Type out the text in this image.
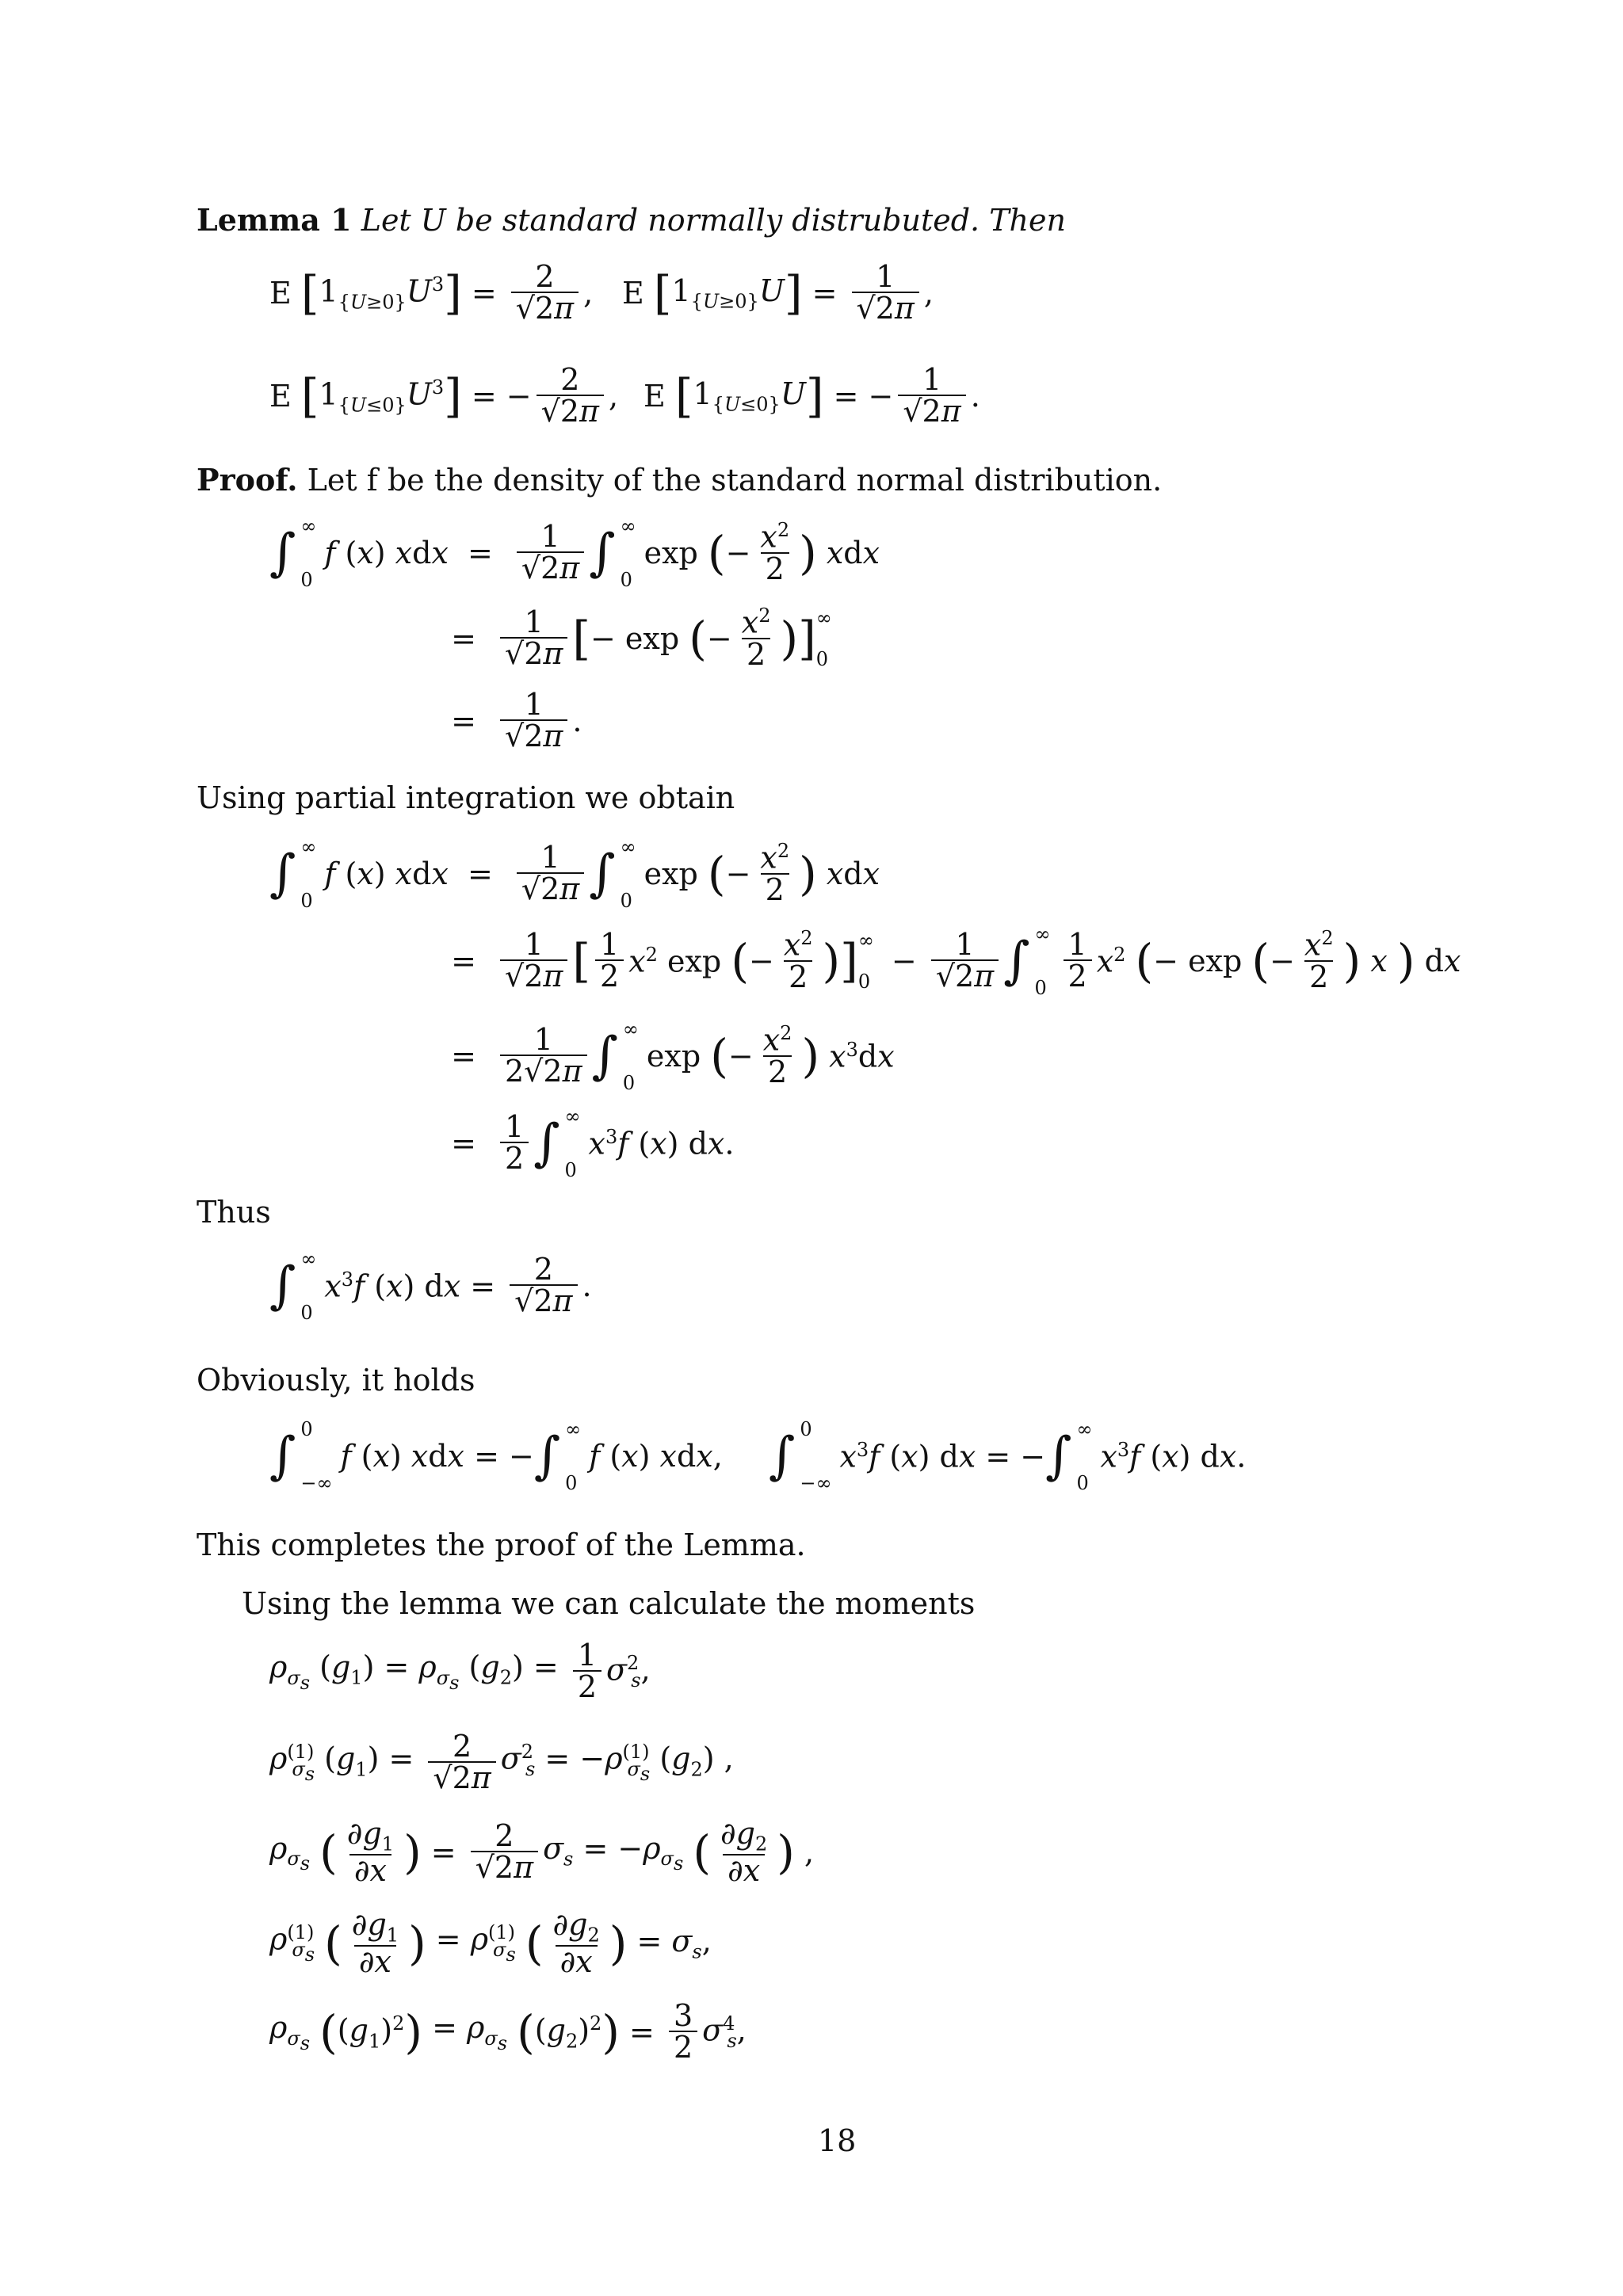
Lemma 1 Let U be standard normally distrubuted. Then
E [ $1_{\{U\ge 0\}}U^3$ ] = $\frac{2}{√2\pi}$ , E [ $1_{\{U\ge 0\}}U$ ] = $\frac{1}{√2\pi}$ ,
E [ $1_{\{U\le 0\}}U^3$ ] = − $\frac{2}{√2\pi}$ , E [ $1_{\{U\le 0\}}U$ ] = − $\frac{1}{√2\pi}$ .
Proof. Let f be the density of the standard normal distribution.
∫ ∞
0
f (x) xdx = $\frac{1}{√2\pi}$ ∫ ∞
0
exp ( − $\frac{x^2}{2}$ ) xdx
= $\frac{1}{√2\pi}$ [ − exp ( − $\frac{x^2}{2}$ ) ] ∞
0
= $\frac{1}{√2\pi}$ .
Using partial integration we obtain
∫ ∞
0
f (x) xdx = $\frac{1}{√2\pi}$ ∫ ∞
0
exp ( − $\frac{x^2}{2}$ ) xdx
= $\frac{1}{√2\pi}$ [ $\frac{1}{2} x^2$ exp ( − $\frac{x^2}{2}$ ) ] ∞
0
− $\frac{1}{√2\pi}$ ∫ ∞
$0 \frac{1}{2} x^2$ ( − exp ( − $\frac{x^2}{2}$ ) x ) dx
= $\frac{1}{2√2\pi}$ ∫ ∞
0
exp ( − $\frac{x^2}{2}$ ) $x^3dx$
= $\frac{1}{2}$ ∫ ∞
0
$x^3f$ (x) dx.
Thus
∫ ∞
0
$x^3f$ (x) dx = $\frac{2}{√2\pi}$ .
Obviously, it holds
∫ 0
−∞
f (x) xdx = − ∫ ∞
0
f (x) xdx, ∫ 0
−∞
$x^3f$ (x) dx = − ∫ ∞
0
$x^3f$ (x) dx.
This completes the proof of the Lemma.
Using the lemma we can calculate the moments
$\rho_{\sigma_s}$ $(g_1) = \rho_{\sigma_s}$ $(g_2) = \frac{1}{2} \sigma^2_s$,
$\rho^{(1)}_{\sigma_s}$ $(g_1) = \frac{2}{√2\pi} \sigma^2_s = -\rho^{(1)}_{\sigma_s}$ $(g_2)$ ,
$\rho_{\sigma_s}$ ( $\frac{\partial g_1}{\partial x}$ ) = $\frac{2}{√2\pi} \sigma_s = -\rho_{\sigma_s}$ ( $\frac{\partial g_2}{\partial x}$ ) ,
$\rho^{(1)}_{\sigma_s}$ ( $\frac{\partial g_1}{\partial x}$ ) = $\rho^{(1)}_{\sigma_s}$ ( $\frac{\partial g_2}{\partial x}$ ) = $\sigma_s$,
$\rho_{\sigma_s}$ ( $(g_1)^2$ ) = $\rho_{\sigma_s}$ ( $(g_2)^2$ ) = $\frac{3}{2} \sigma^4_s$,
18
